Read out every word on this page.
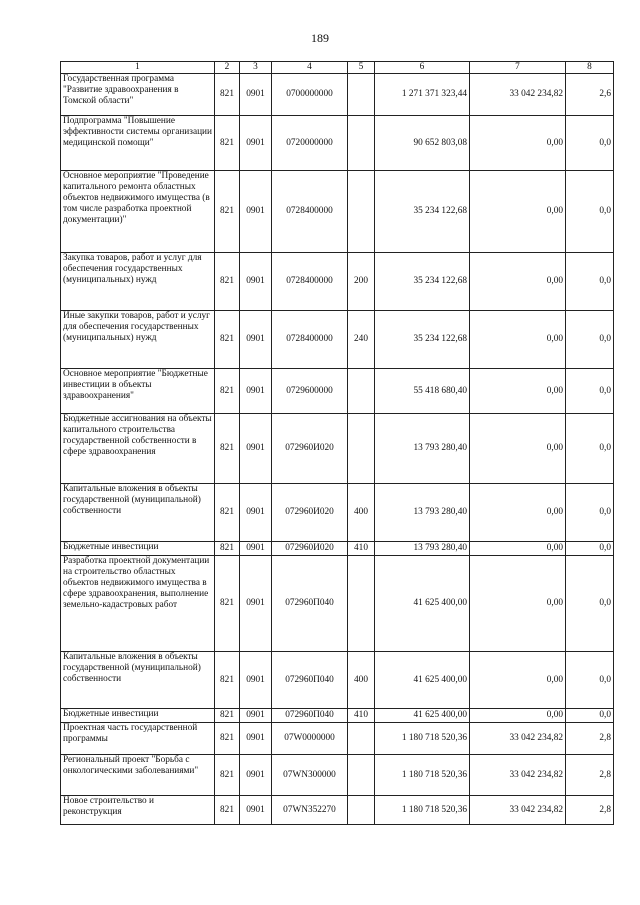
189
1	2	3	4	5	6	7	8
Государственная программа "Развитие здравоохранения в Томской области"	821	0901	0700000000		1 271 371 323,44	33 042 234,82	2,6
Подпрограмма "Повышение эффективности системы организации медицинской помощи"	821	0901	0720000000		90 652 803,08	0,00	0,0
Основное мероприятие "Проведение капитального ремонта областных объектов недвижимого имущества (в том числе разработка проектной документации)"	821	0901	0728400000		35 234 122,68	0,00	0,0
Закупка товаров, работ и услуг для обеспечения государственных (муниципальных) нужд	821	0901	0728400000	200	35 234 122,68	0,00	0,0
Иные закупки товаров, работ и услуг для обеспечения государственных (муниципальных) нужд	821	0901	0728400000	240	35 234 122,68	0,00	0,0
Основное мероприятие "Бюджетные инвестиции в объекты здравоохранения"	821	0901	0729600000		55 418 680,40	0,00	0,0
Бюджетные ассигнования на объекты капитального строительства государственной собственности в сфере здравоохранения	821	0901	072960И020		13 793 280,40	0,00	0,0
Капитальные вложения в объекты государственной (муниципальной) собственности	821	0901	072960И020	400	13 793 280,40	0,00	0,0
Бюджетные инвестиции	821	0901	072960И020	410	13 793 280,40	0,00	0,0
Разработка проектной документации на строительство областных объектов недвижимого имущества в сфере здравоохранения, выполнение земельно-кадастровых работ	821	0901	072960П040		41 625 400,00	0,00	0,0
Капитальные вложения в объекты государственной (муниципальной) собственности	821	0901	072960П040	400	41 625 400,00	0,00	0,0
Бюджетные инвестиции	821	0901	072960П040	410	41 625 400,00	0,00	0,0
Проектная часть государственной программы	821	0901	07W0000000		1 180 718 520,36	33 042 234,82	2,8
Региональный проект "Борьба с онкологическими заболеваниями"	821	0901	07WN300000		1 180 718 520,36	33 042 234,82	2,8
Новое строительство и реконструкция	821	0901	07WN352270		1 180 718 520,36	33 042 234,82	2,8
